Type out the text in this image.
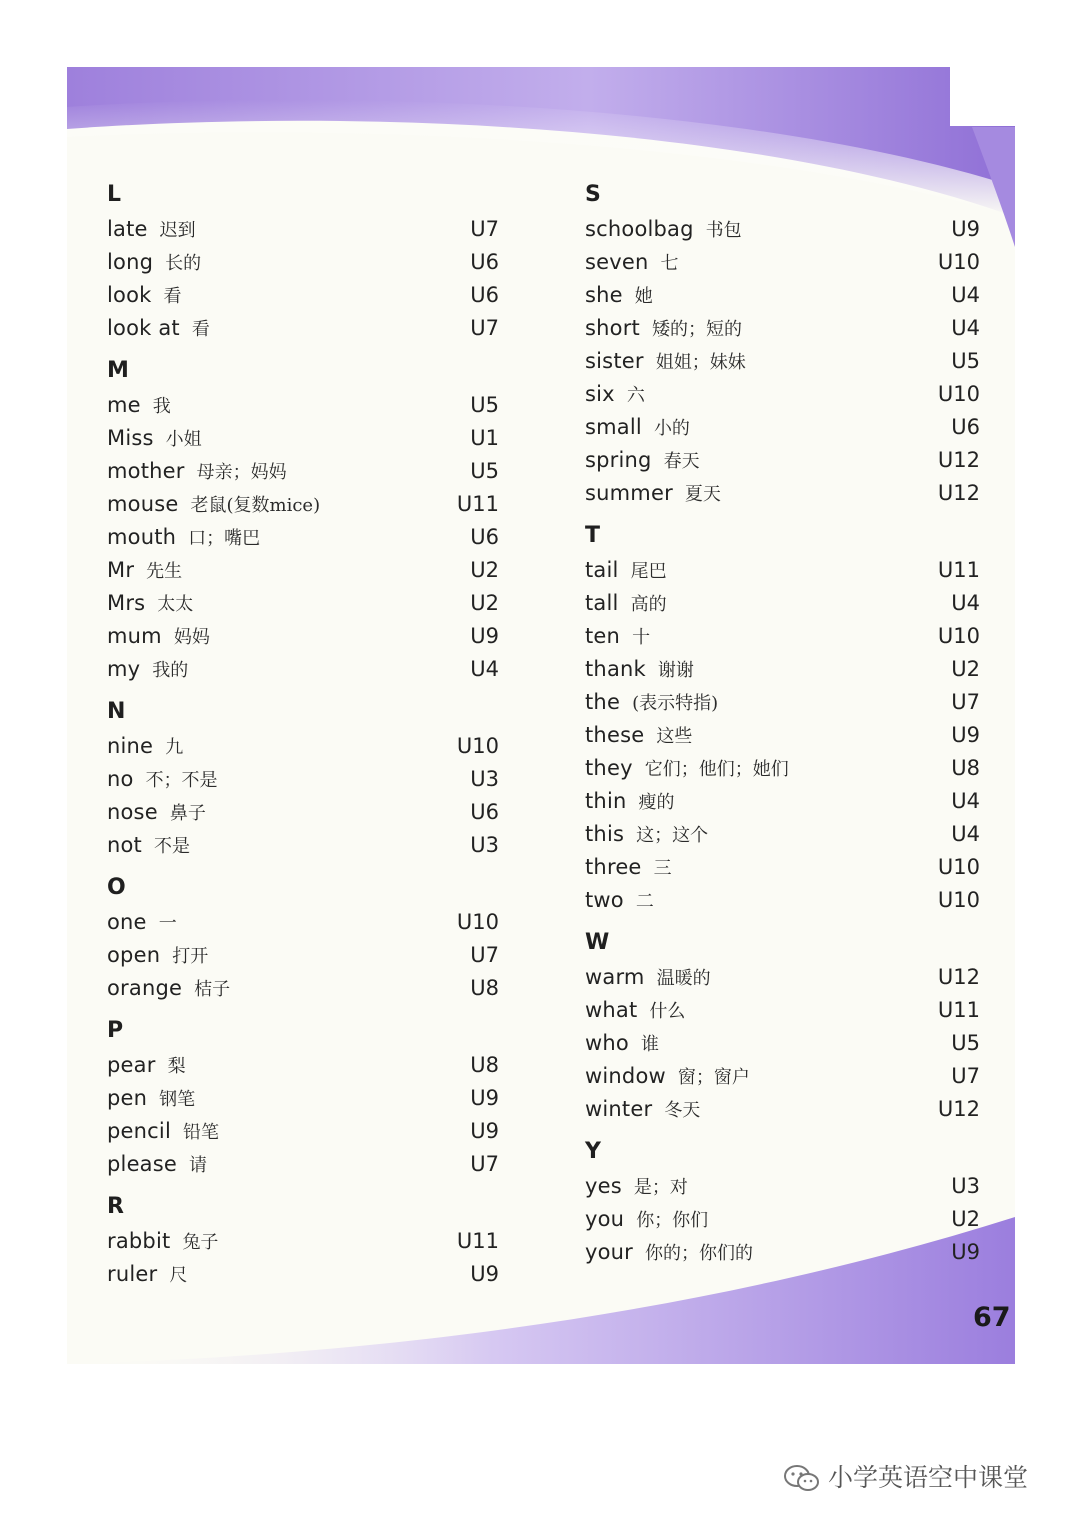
L
late 迟到	U7
long 长的	U6
look 看	U6
look at 看	U7
M
me 我	U5
Miss 小姐	U1
mother 母亲；妈妈	U5
mouse 老鼠(复数mice)	U11
mouth 口；嘴巴	U6
Mr 先生	U2
Mrs 太太	U2
mum 妈妈	U9
my 我的	U4
N
nine 九	U10
no 不；不是	U3
nose 鼻子	U6
not 不是	U3
O
one 一	U10
open 打开	U7
orange 桔子	U8
P
pear 梨	U8
pen 钢笔	U9
pencil 铅笔	U9
please 请	U7
R
rabbit 兔子	U11
ruler 尺	U9
S
schoolbag 书包	U9
seven 七	U10
she 她	U4
short 矮的；短的	U4
sister 姐姐；妹妹	U5
six 六	U10
small 小的	U6
spring 春天	U12
summer 夏天	U12
T
tail 尾巴	U11
tall 高的	U4
ten 十	U10
thank 谢谢	U2
the (表示特指)	U7
these 这些	U9
they 它们；他们；她们	U8
thin 瘦的	U4
this 这；这个	U4
three 三	U10
two 二	U10
W
warm 温暖的	U12
what 什么	U11
who 谁	U5
window 窗；窗户	U7
winter 冬天	U12
Y
yes 是；对	U3
you 你；你们	U2
your 你的；你们的	U9
67
小学英语空中课堂
